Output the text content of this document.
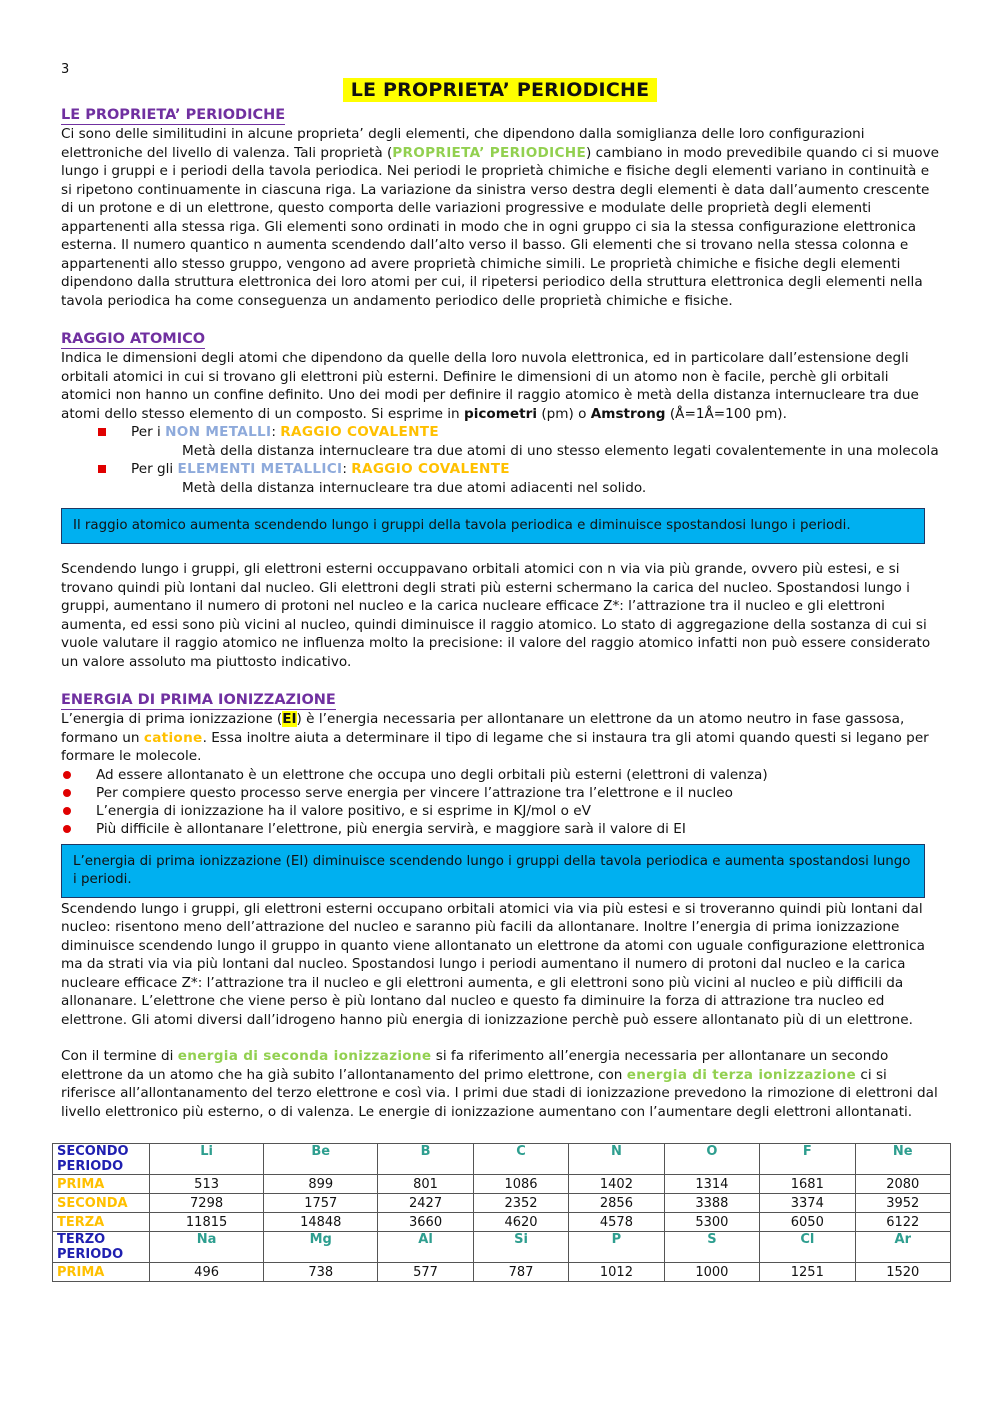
3
LE PROPRIETA’ PERIODICHE
LE PROPRIETA’ PERIODICHE

Ci sono delle similitudini in alcune proprieta’ degli elementi, che dipendono dalla somiglianza delle loro configurazioni elettroniche del livello di valenza. Tali proprietà (PROPRIETA’ PERIODICHE) cambiano in modo prevedibile quando ci si muove lungo i gruppi e i periodi della tavola periodica. Nei periodi le proprietà chimiche e fisiche degli elementi variano in continuità e si ripetono continuamente in ciascuna riga. La variazione da sinistra verso destra degli elementi è data dall’aumento crescente di un protone e di un elettrone, questo comporta delle variazioni progressive e modulate delle proprietà degli elementi appartenenti alla stessa riga. Gli elementi sono ordinati in modo che in ogni gruppo ci sia la stessa configurazione elettronica esterna. Il numero quantico n aumenta scendendo dall’alto verso il basso. Gli elementi che si trovano nella stessa colonna e appartenenti allo stesso gruppo, vengono ad avere proprietà chimiche simili. Le proprietà chimiche e fisiche degli elementi dipendono dalla struttura elettronica dei loro atomi per cui, il ripetersi periodico della struttura elettronica degli elementi nella tavola periodica ha come conseguenza un andamento periodico delle proprietà chimiche e fisiche.

RAGGIO ATOMICO

Indica le dimensioni degli atomi che dipendono da quelle della loro nuvola elettronica, ed in particolare dall’estensione degli orbitali atomici in cui si trovano gli elettroni più esterni. Definire le dimensioni di un atomo non è facile, perchè gli orbitali atomici non hanno un confine definito. Uno dei modi per definire il raggio atomico è metà della distanza internucleare tra due atomi dello stesso elemento di un composto. Si esprime in picometri (pm) o Amstrong (Å=1Å=100 pm).

Per i NON METALLI: RAGGIO COVALENTE
Metà della distanza internucleare tra due atomi di uno stesso elemento legati covalentemente in una molecola
Per gli ELEMENTI METALLICI: RAGGIO COVALENTE
Metà della distanza internucleare tra due atomi adiacenti nel solido.
Il raggio atomico aumenta scendendo lungo i gruppi della tavola periodica e diminuisce spostandosi lungo i periodi.

Scendendo lungo i gruppi, gli elettroni esterni occuppavano orbitali atomici con n via via più grande, ovvero più estesi, e si trovano quindi più lontani dal nucleo. Gli elettroni degli strati più esterni schermano la carica del nucleo. Spostandosi lungo i gruppi, aumentano il numero di protoni nel nucleo e la carica nucleare efficace Z*: l’attrazione tra il nucleo e gli elettroni aumenta, ed essi sono più vicini al nucleo, quindi diminuisce il raggio atomico. Lo stato di aggregazione della sostanza di cui si vuole valutare il raggio atomico ne influenza molto la precisione: il valore del raggio atomico infatti non può essere considerato un valore assoluto ma piuttosto indicativo.

ENERGIA DI PRIMA IONIZZAZIONE

L’energia di prima ionizzazione (EI) è l’energia necessaria per allontanare un elettrone da un atomo neutro in fase gassosa, formano un catione. Essa inoltre aiuta a determinare il tipo di legame che si instaura tra gli atomi quando questi si legano per formare le molecole.

Ad essere allontanato è un elettrone che occupa uno degli orbitali più esterni (elettroni di valenza)
Per compiere questo processo serve energia per vincere l’attrazione tra l’elettrone e il nucleo
L’energia di ionizzazione ha il valore positivo, e si esprime in KJ/mol o eV
Più difficile è allontanare l’elettrone, più energia servirà, e maggiore sarà il valore di EI
L’energia di prima ionizzazione (EI) diminuisce scendendo lungo i gruppi della tavola periodica e aumenta spostandosi lungo i periodi.

Scendendo lungo i gruppi, gli elettroni esterni occupano orbitali atomici via via più estesi e si troveranno quindi più lontani dal nucleo: risentono meno dell’attrazione del nucleo e saranno più facili da allontanare. Inoltre l’energia di prima ionizzazione diminuisce scendendo lungo il gruppo in quanto viene allontanato un elettrone da atomi con uguale configurazione elettronica ma da strati via via più lontani dal nucleo. Spostandosi lungo i periodi aumentano il numero di protoni dal nucleo e la carica nucleare efficace Z*: l’attrazione tra il nucleo e gli elettroni aumenta, e gli elettroni sono più vicini al nucleo e più difficili da allonanare. L’elettrone che viene perso è più lontano dal nucleo e questo fa diminuire la forza di attrazione tra nucleo ed elettrone. Gli atomi diversi dall’idrogeno hanno più energia di ionizzazione perchè può essere allontanato più di un elettrone.

Con il termine di energia di seconda ionizzazione si fa riferimento all’energia necessaria per allontanare un secondo elettrone da un atomo che ha già subito l’allontanamento del primo elettrone, con energia di terza ionizzazione ci si riferisce all’allontanamento del terzo elettrone e così via. I primi due stadi di ionizzazione prevedono la rimozione di elettroni dal livello elettronico più esterno, o di valenza. Le energie di ionizzazione aumentano con l’aumentare degli elettroni allontanati.

SECONDO PERIODO	Li	Be	B	C	N	O	F	Ne
PRIMA	513	899	801	1086	1402	1314	1681	2080
SECONDA	7298	1757	2427	2352	2856	3388	3374	3952
TERZA	11815	14848	3660	4620	4578	5300	6050	6122
TERZO PERIODO	Na	Mg	Al	Si	P	S	Cl	Ar
PRIMA	496	738	577	787	1012	1000	1251	1520
